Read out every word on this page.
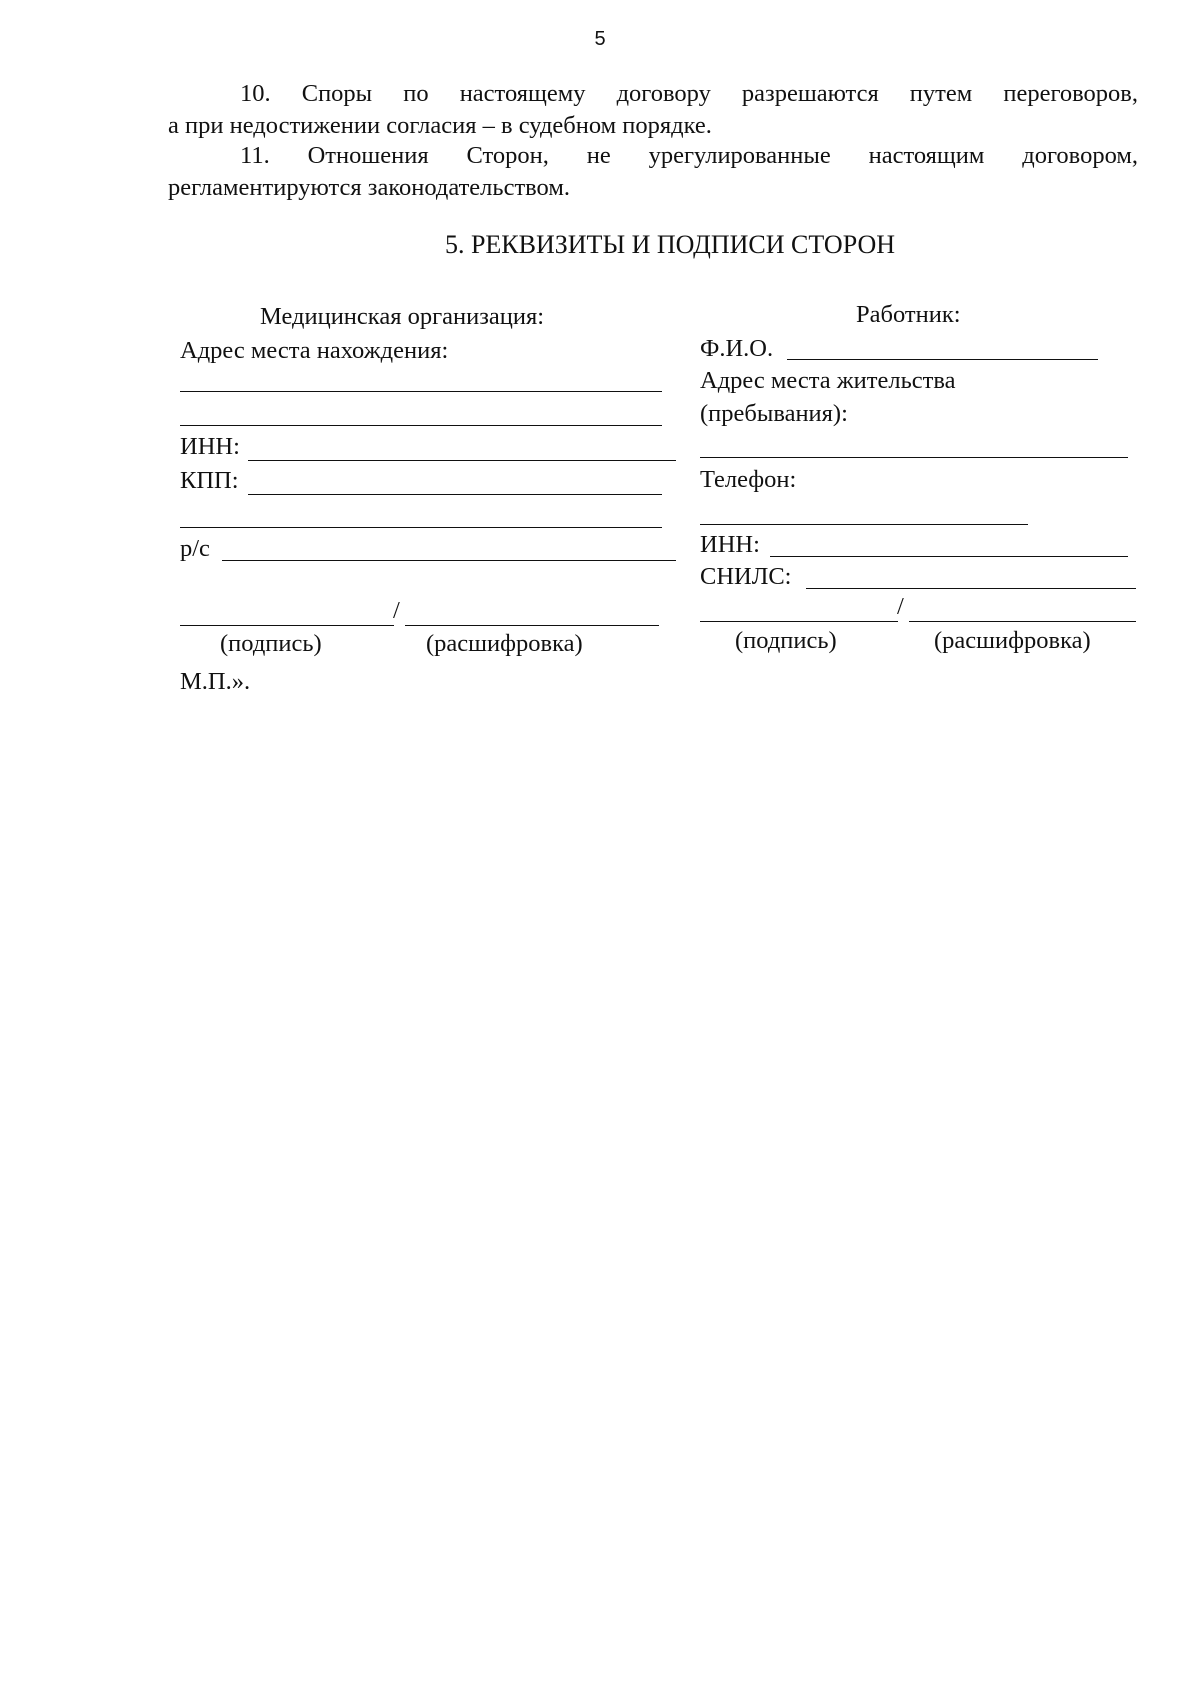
5
10. Споры по настоящему договору разрешаются путем переговоров,
а при недостижении согласия – в судебном порядке.
11. Отношения Сторон, не урегулированные настоящим договором,
регламентируются законодательством.
5. РЕКВИЗИТЫ И ПОДПИСИ СТОРОН
Медицинская организация:
Адрес места нахождения:
ИНН:
КПП:
р/с
/
(подпись)	(расшифровка)
М.П.».
Работник:
Ф.И.О.
Адрес места жительства
(пребывания):
Телефон:
ИНН:
СНИЛС:
/
(подпись)	(расшифровка)
